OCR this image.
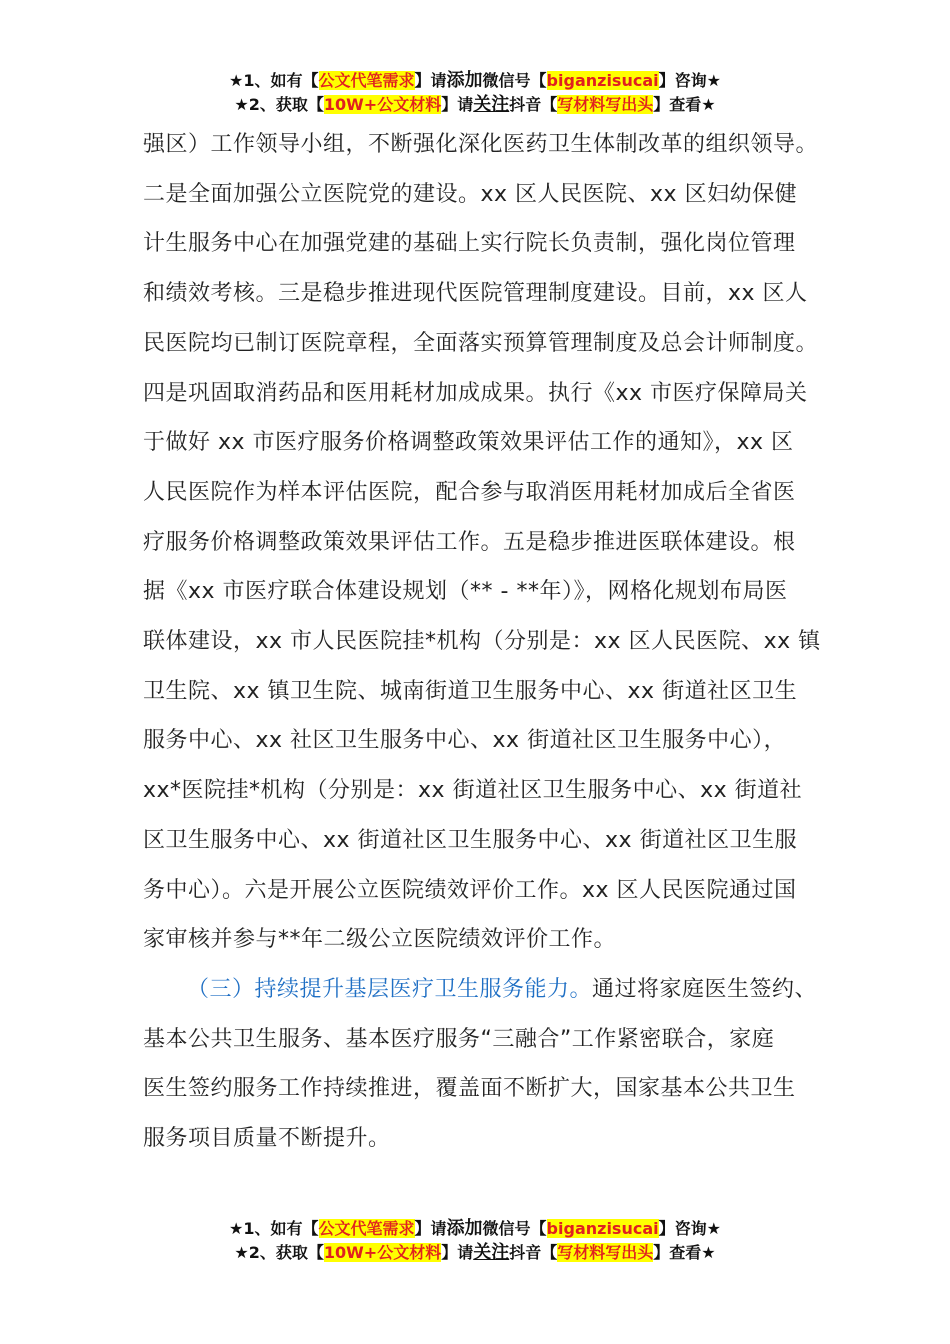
★1、如有【公文代笔需求】请添加微信号【biganzisucai】咨询★
★2、获取【10W+公文材料】请关注抖音【写材料写出头】查看★

强区）工作领导小组，不断强化深化医药卫生体制改革的组织领导。
二是全面加强公立医院党的建设。xx 区人民医院、xx 区妇幼保健
计生服务中心在加强党建的基础上实行院长负责制，强化岗位管理
和绩效考核。三是稳步推进现代医院管理制度建设。目前，xx 区人
民医院均已制订医院章程，全面落实预算管理制度及总会计师制度。
四是巩固取消药品和医用耗材加成成果。执行《xx 市医疗保障局关
于做好 xx 市医疗服务价格调整政策效果评估工作的通知》，xx 区
人民医院作为样本评估医院，配合参与取消医用耗材加成后全省医
疗服务价格调整政策效果评估工作。五是稳步推进医联体建设。根
据《xx 市医疗联合体建设规划（** - **年）》，网格化规划布局医
联体建设，xx 市人民医院挂*机构（分别是：xx 区人民医院、xx 镇
卫生院、xx 镇卫生院、城南街道卫生服务中心、xx 街道社区卫生
服务中心、xx 社区卫生服务中心、xx 街道社区卫生服务中心），
xx*医院挂*机构（分别是：xx 街道社区卫生服务中心、xx 街道社
区卫生服务中心、xx 街道社区卫生服务中心、xx 街道社区卫生服
务中心）。六是开展公立医院绩效评价工作。xx 区人民医院通过国
家审核并参与**年二级公立医院绩效评价工作。

（三）持续提升基层医疗卫生服务能力。通过将家庭医生签约、
基本公共卫生服务、基本医疗服务“三融合”工作紧密联合，家庭
医生签约服务工作持续推进，覆盖面不断扩大，国家基本公共卫生
服务项目质量不断提升。

★1、如有【公文代笔需求】请添加微信号【biganzisucai】咨询★
★2、获取【10W+公文材料】请关注抖音【写材料写出头】查看★
